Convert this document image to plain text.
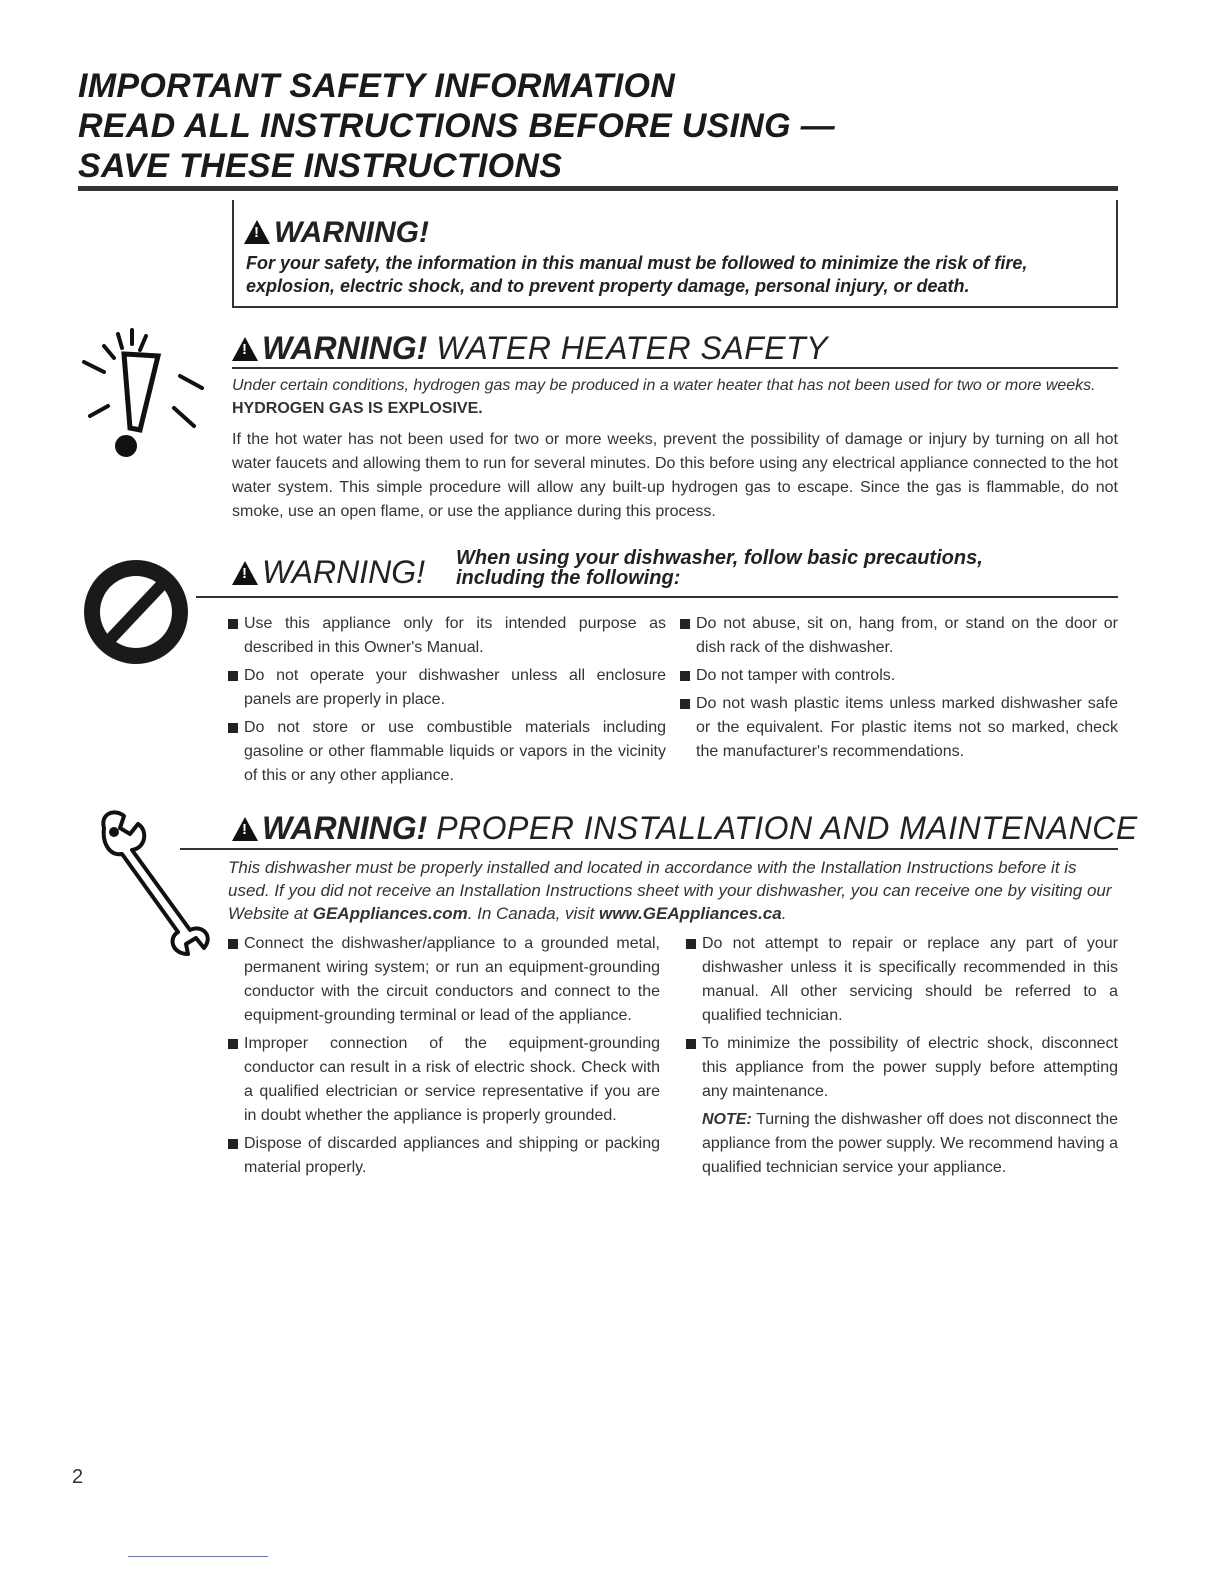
IMPORTANT SAFETY INFORMATION
READ ALL INSTRUCTIONS BEFORE USING —
SAVE THESE INSTRUCTIONS
!WARNING!
For your safety, the information in this manual must be followed to minimize the risk of fire, explosion, electric shock, and to prevent property damage, personal injury, or death.
!WARNING! WATER HEATER SAFETY
Under certain conditions, hydrogen gas may be produced in a water heater that has not been used for two or more weeks. HYDROGEN GAS IS EXPLOSIVE.
If the hot water has not been used for two or more weeks, prevent the possibility of damage or injury by turning on all hot water faucets and allowing them to run for several minutes. Do this before using any electrical appliance connected to the hot water system. This simple procedure will allow any built-up hydrogen gas to escape. Since the gas is flammable, do not smoke, use an open flame, or use the appliance during this process.
!WARNING! When using your dishwasher, follow basic precautions,
including the following:
Use this appliance only for its intended purpose as described in this Owner's Manual.
Do not operate your dishwasher unless all enclosure panels are properly in place.
Do not store or use combustible materials including gasoline or other flammable liquids or vapors in the vicinity of this or any other appliance.
Do not abuse, sit on, hang from, or stand on the door or dish rack of the dishwasher.
Do not tamper with controls.
Do not wash plastic items unless marked dishwasher safe or the equivalent. For plastic items not so marked, check the manufacturer's recommendations.
!WARNING! PROPER INSTALLATION AND MAINTENANCE
This dishwasher must be properly installed and located in accordance with the Installation Instructions before it is used. If you did not receive an Installation Instructions sheet with your dishwasher, you can receive one by visiting our Website at GEAppliances.com. In Canada, visit www.GEAppliances.ca.
Connect the dishwasher/appliance to a grounded metal, permanent wiring system; or run an equipment-grounding conductor with the circuit conductors and connect to the equipment-grounding terminal or lead of the appliance.
Improper connection of the equipment-grounding conductor can result in a risk of electric shock. Check with a qualified electrician or service representative if you are in doubt whether the appliance is properly grounded.
Dispose of discarded appliances and shipping or packing material properly.
Do not attempt to repair or replace any part of your dishwasher unless it is specifically recommended in this manual. All other servicing should be referred to a qualified technician.
To minimize the possibility of electric shock, disconnect this appliance from the power supply before attempting any maintenance.
NOTE: Turning the dishwasher off does not disconnect the appliance from the power supply. We recommend having a qualified technician service your appliance.
2
